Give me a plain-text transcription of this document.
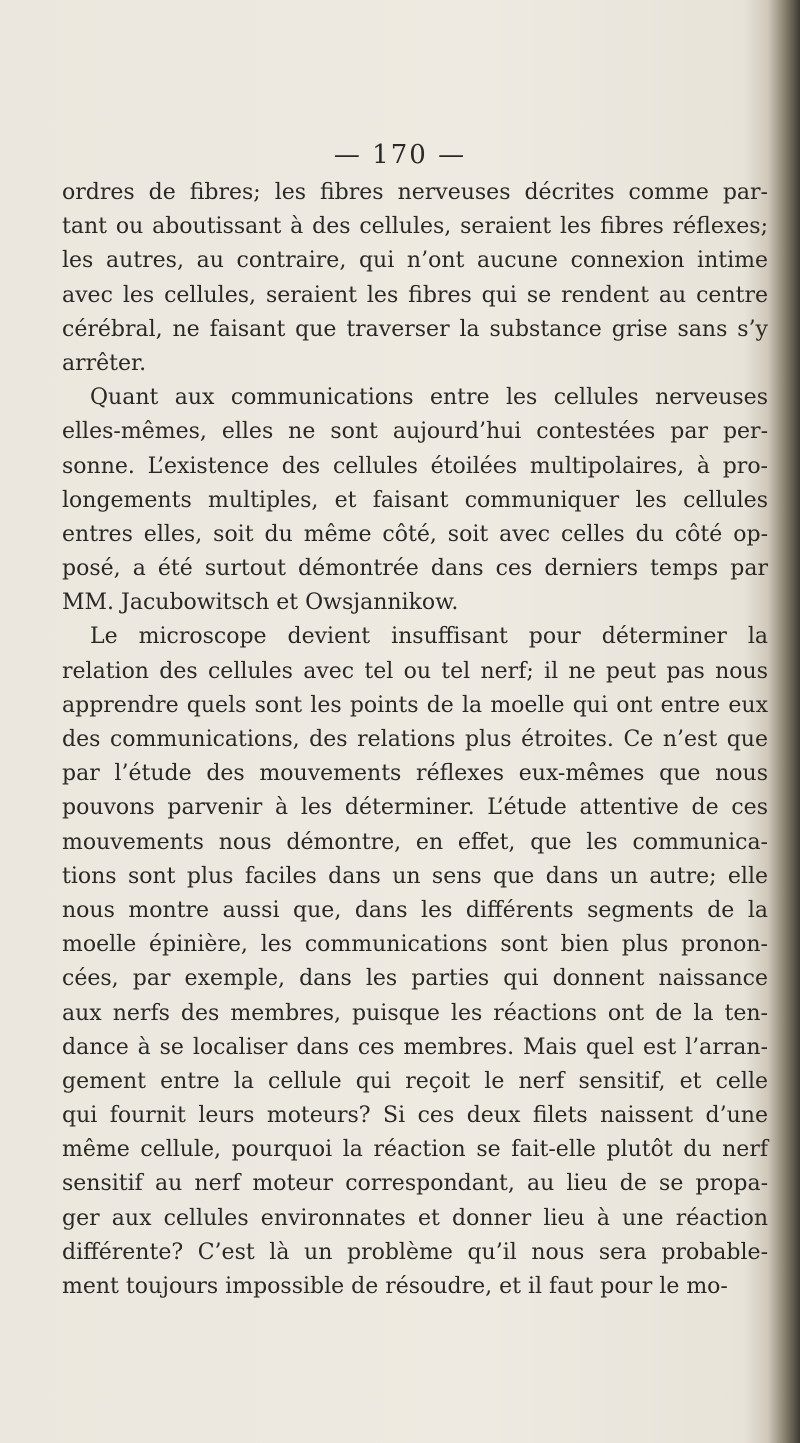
— 170 —
ordres de fibres; les fibres nerveuses décrites comme par-
tant ou aboutissant à des cellules, seraient les fibres réflexes;
les autres, au contraire, qui n’ont aucune connexion intime
avec les cellules, seraient les fibres qui se rendent au centre
cérébral, ne faisant que traverser la substance grise sans s’y
arrêter.
Quant aux communications entre les cellules nerveuses
elles-mêmes, elles ne sont aujourd’hui contestées par per-
sonne. L’existence des cellules étoilées multipolaires, à pro-
longements multiples, et faisant communiquer les cellules
entres elles, soit du même côté, soit avec celles du côté op-
posé, a été surtout démontrée dans ces derniers temps par
MM. Jacubowitsch et Owsjannikow.
Le microscope devient insuffisant pour déterminer la
relation des cellules avec tel ou tel nerf; il ne peut pas nous
apprendre quels sont les points de la moelle qui ont entre eux
des communications, des relations plus étroites. Ce n’est que
par l’étude des mouvements réflexes eux-mêmes que nous
pouvons parvenir à les déterminer. L’étude attentive de ces
mouvements nous démontre, en effet, que les communica-
tions sont plus faciles dans un sens que dans un autre; elle
nous montre aussi que, dans les différents segments de la
moelle épinière, les communications sont bien plus pronon-
cées, par exemple, dans les parties qui donnent naissance
aux nerfs des membres, puisque les réactions ont de la ten-
dance à se localiser dans ces membres. Mais quel est l’arran-
gement entre la cellule qui reçoit le nerf sensitif, et celle
qui fournit leurs moteurs? Si ces deux filets naissent d’une
même cellule, pourquoi la réaction se fait-elle plutôt du nerf
sensitif au nerf moteur correspondant, au lieu de se propa-
ger aux cellules environnates et donner lieu à une réaction
différente? C’est là un problème qu’il nous sera probable-
ment toujours impossible de résoudre, et il faut pour le mo-
